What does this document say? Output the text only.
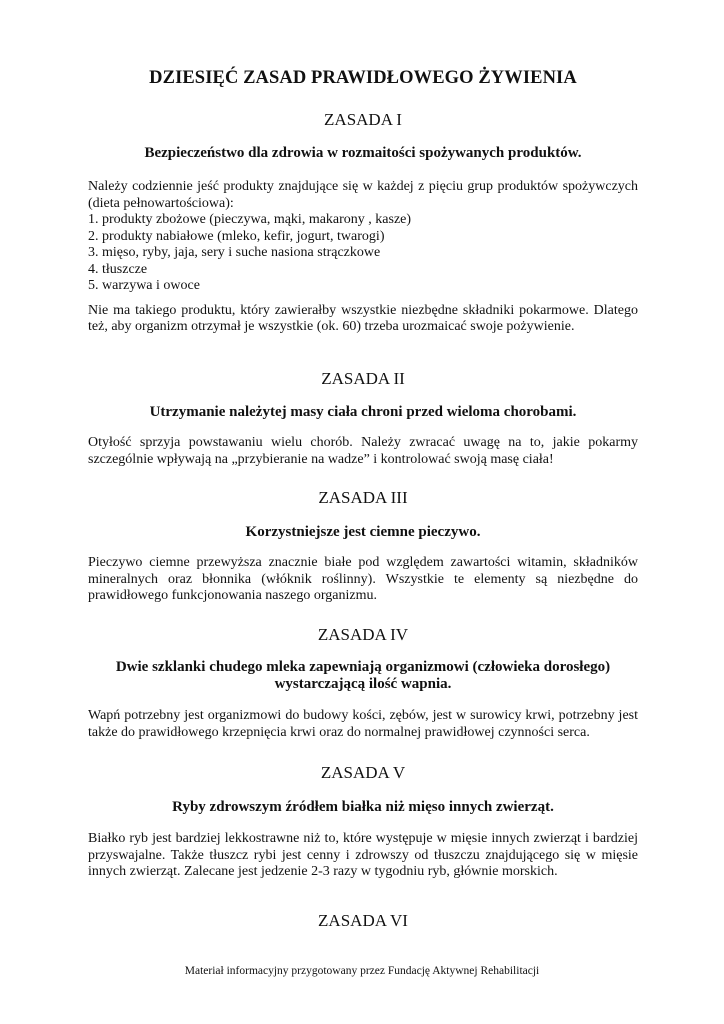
DZIESIĘĆ ZASAD PRAWIDŁOWEGO ŻYWIENIA

ZASADA I

Bezpieczeństwo dla zdrowia w rozmaitości spożywanych produktów.

Należy codziennie jeść produkty znajdujące się w każdej z pięciu grup produktów spożywczych (dieta pełnowartościowa):

1. produkty zbożowe (pieczywa, mąki, makarony , kasze)
2. produkty nabiałowe (mleko, kefir, jogurt, twarogi)
3. mięso, ryby, jaja, sery i suche nasiona strączkowe
4. tłuszcze
5. warzywa i owoce

Nie ma takiego produktu, który zawierałby wszystkie niezbędne składniki pokarmowe. Dlatego też, aby organizm otrzymał je wszystkie (ok. 60) trzeba urozmaicać swoje pożywienie.

ZASADA II

Utrzymanie należytej masy ciała chroni przed wieloma chorobami.

Otyłość sprzyja powstawaniu wielu chorób. Należy zwracać uwagę na to, jakie pokarmy szczególnie wpływają na „przybieranie na wadze” i kontrolować swoją masę ciała!

ZASADA III

Korzystniejsze jest ciemne pieczywo.

Pieczywo ciemne przewyższa znacznie białe pod względem zawartości witamin, składników mineralnych oraz błonnika (włóknik roślinny). Wszystkie te elementy są niezbędne do prawidłowego funkcjonowania naszego organizmu.

ZASADA IV

Dwie szklanki chudego mleka zapewniają organizmowi (człowieka dorosłego)

wystarczającą ilość wapnia.

Wapń potrzebny jest organizmowi do budowy kości, zębów, jest w surowicy krwi, potrzebny jest także do prawidłowego krzepnięcia krwi oraz do normalnej prawidłowej czynności serca.

ZASADA V

Ryby zdrowszym źródłem białka niż mięso innych zwierząt.

Białko ryb jest bardziej lekkostrawne niż to, które występuje w mięsie innych zwierząt i bardziej przyswajalne. Także tłuszcz rybi jest cenny i zdrowszy od tłuszczu znajdującego się w mięsie innych zwierząt. Zalecane jest jedzenie 2-3 razy w tygodniu ryb, głównie morskich.

ZASADA VI

Materiał informacyjny przygotowany przez Fundację Aktywnej Rehabilitacji
